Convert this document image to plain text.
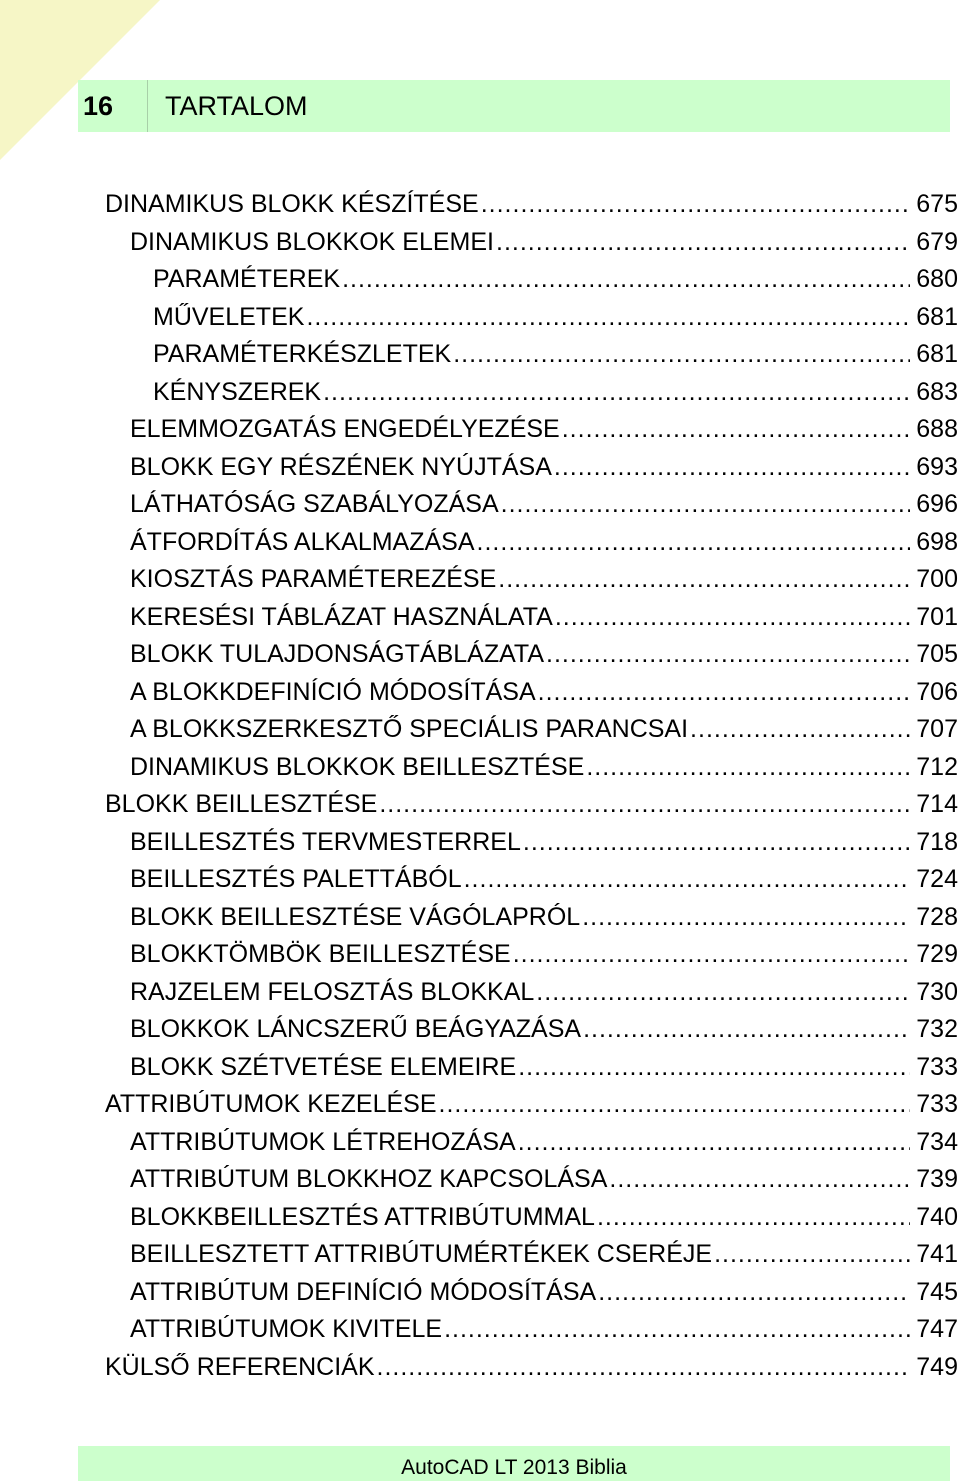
16	TARTALOM
DINAMIKUS BLOKK KÉSZÍTÉSE .....	675
DINAMIKUS BLOKKOK ELEMEI .....	679
PARAMÉTEREK .....	680
MŰVELETEK .....	681
PARAMÉTERKÉSZLETEK .....	681
KÉNYSZEREK .....	683
ELEMMOZGATÁS ENGEDÉLYEZÉSE .....	688
BLOKK EGY RÉSZÉNEK NYÚJTÁSA .....	693
LÁTHATÓSÁG SZABÁLYOZÁSA .....	696
ÁTFORDÍTÁS ALKALMAZÁSA .....	698
KIOSZTÁS PARAMÉTEREZÉSE .....	700
KERESÉSI TÁBLÁZAT HASZNÁLATA .....	701
BLOKK TULAJDONSÁGTÁBLÁZATA .....	705
A BLOKKDEFINÍCIÓ MÓDOSÍTÁSA .....	706
A BLOKKSZERKESZTŐ SPECIÁLIS PARANCSAI .....	707
DINAMIKUS BLOKKOK BEILLESZTÉSE .....	712
BLOKK BEILLESZTÉSE .....	714
BEILLESZTÉS TERVMESTERREL .....	718
BEILLESZTÉS PALETTÁBÓL .....	724
BLOKK BEILLESZTÉSE VÁGÓLAPRÓL .....	728
BLOKKTÖMBÖK BEILLESZTÉSE .....	729
RAJZELEM FELOSZTÁS BLOKKAL .....	730
BLOKKOK LÁNCSZERŰ BEÁGYAZÁSA .....	732
BLOKK SZÉTVETÉSE ELEMEIRE .....	733
ATTRIBÚTUMOK KEZELÉSE .....	733
ATTRIBÚTUMOK LÉTREHOZÁSA .....	734
ATTRIBÚTUM BLOKKHOZ KAPCSOLÁSA .....	739
BLOKKBEILLESZTÉS ATTRIBÚTUMMAL .....	740
BEILLESZTETT ATTRIBÚTUMÉRTÉKEK CSERÉJE .....	741
ATTRIBÚTUM DEFINÍCIÓ MÓDOSÍTÁSA .....	745
ATTRIBÚTUMOK KIVITELE .....	747
KÜLSŐ REFERENCIÁK .....	749
AutoCAD LT 2013 Biblia
